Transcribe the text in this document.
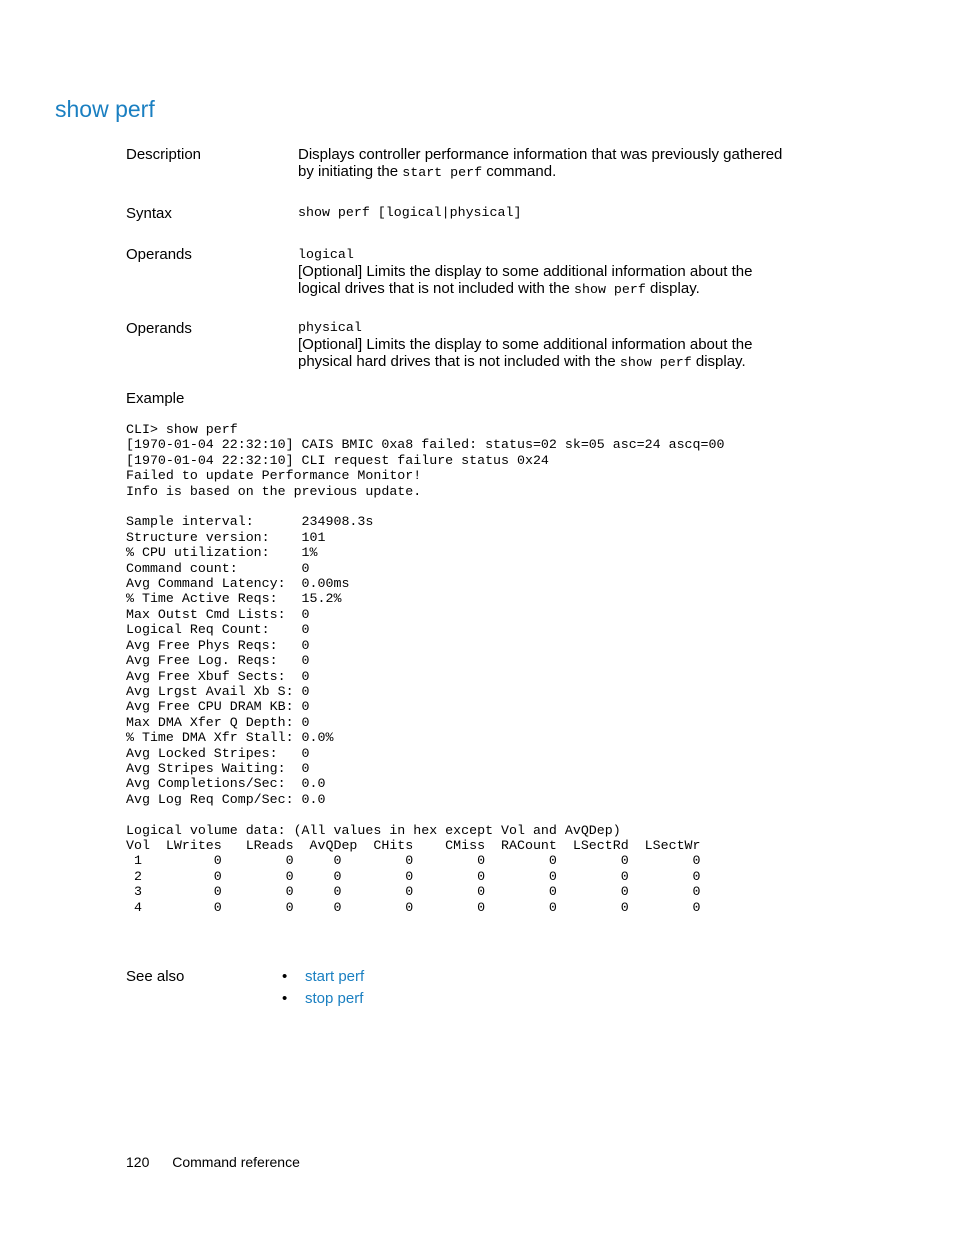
show perf
Description	Displays controller performance information that was previously gathered
by initiating the start perf command.
Syntax	show perf [logical|physical]
Operands	logical
[Optional] Limits the display to some additional information about the
logical drives that is not included with the show perf display.
Operands	physical
[Optional] Limits the display to some additional information about the
physical hard drives that is not included with the show perf display.
Example
CLI> show perf
[1970-01-04 22:32:10] CAIS BMIC 0xa8 failed: status=02 sk=05 asc=24 ascq=00
[1970-01-04 22:32:10] CLI request failure status 0x24
Failed to update Performance Monitor!
Info is based on the previous update.

Sample interval:      234908.3s
Structure version:    101
% CPU utilization:    1%
Command count:        0
Avg Command Latency:  0.00ms
% Time Active Reqs:   15.2%
Max Outst Cmd Lists:  0
Logical Req Count:    0
Avg Free Phys Reqs:   0
Avg Free Log. Reqs:   0
Avg Free Xbuf Sects:  0
Avg Lrgst Avail Xb S: 0
Avg Free CPU DRAM KB: 0
Max DMA Xfer Q Depth: 0
% Time DMA Xfr Stall: 0.0%
Avg Locked Stripes:   0
Avg Stripes Waiting:  0
Avg Completions/Sec:  0.0
Avg Log Req Comp/Sec: 0.0

Logical volume data: (All values in hex except Vol and AvQDep)
Vol  LWrites   LReads  AvQDep  CHits    CMiss  RACount  LSectRd  LSectWr
1         0        0     0        0        0        0        0        0
2         0        0     0        0        0        0        0        0
3         0        0     0        0        0        0        0        0
4         0        0     0        0        0        0        0        0
See also	• start perf
• stop perf
120 Command reference
